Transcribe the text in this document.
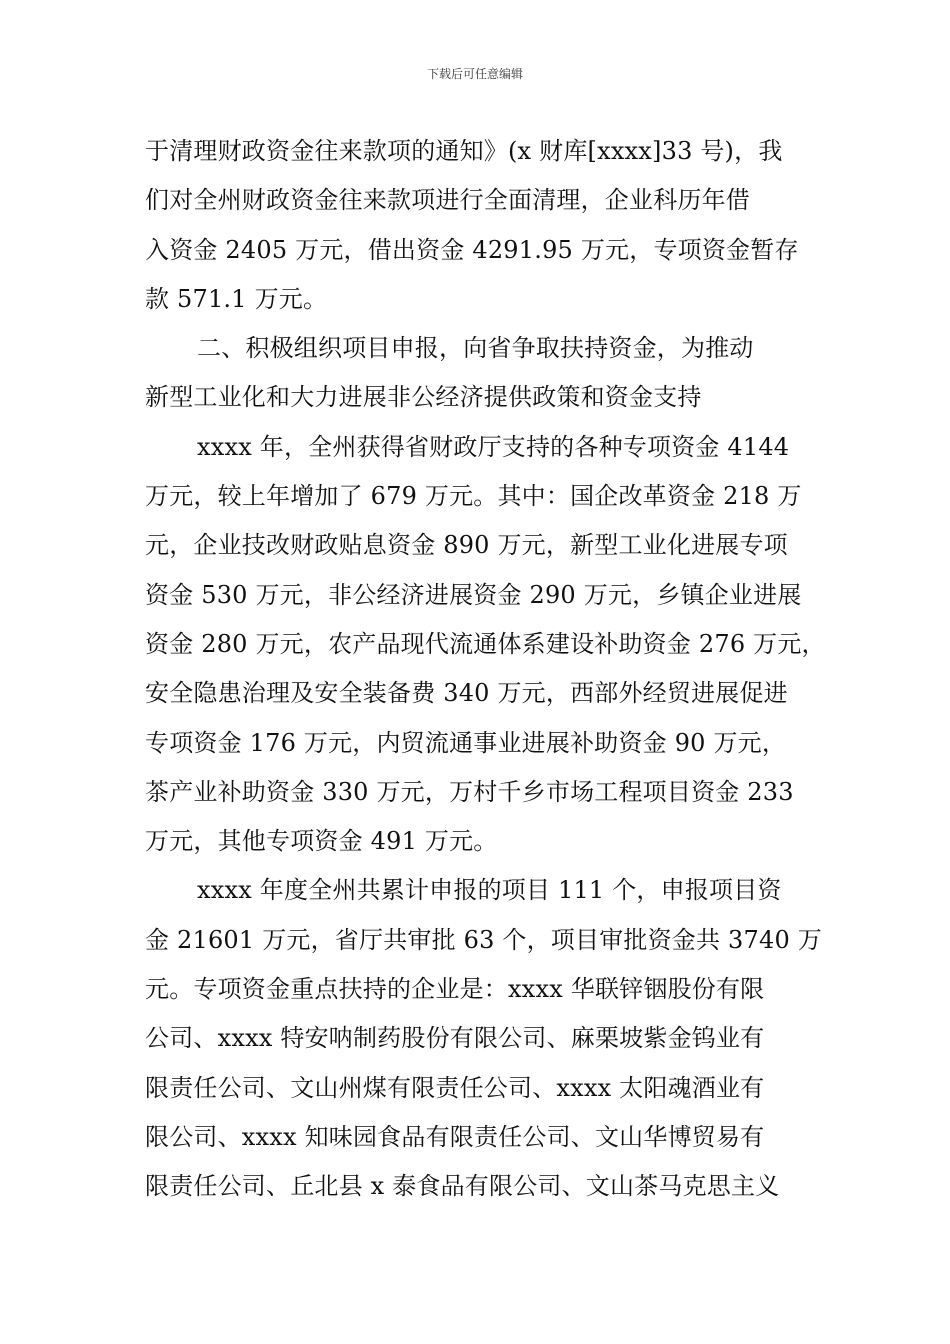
下载后可任意编辑
于清理财政资金往来款项的通知》(x 财库[xxxx]33 号)，我
们对全州财政资金往来款项进行全面清理，企业科历年借
入资金 2405 万元，借出资金 4291.95 万元，专项资金暂存
款 571.1 万元。
二、积极组织项目申报，向省争取扶持资金，为推动
新型工业化和大力进展非公经济提供政策和资金支持
xxxx 年，全州获得省财政厅支持的各种专项资金 4144
万元，较上年增加了 679 万元。其中：国企改革资金 218 万
元，企业技改财政贴息资金 890 万元，新型工业化进展专项
资金 530 万元，非公经济进展资金 290 万元，乡镇企业进展
资金 280 万元，农产品现代流通体系建设补助资金 276 万元，
安全隐患治理及安全装备费 340 万元，西部外经贸进展促进
专项资金 176 万元，内贸流通事业进展补助资金 90 万元，
茶产业补助资金 330 万元，万村千乡市场工程项目资金 233
万元，其他专项资金 491 万元。
xxxx 年度全州共累计申报的项目 111 个，申报项目资
金 21601 万元，省厅共审批 63 个，项目审批资金共 3740 万
元。专项资金重点扶持的企业是：xxxx 华联锌铟股份有限
公司、xxxx 特安呐制药股份有限公司、麻栗坡紫金钨业有
限责任公司、文山州煤有限责任公司、xxxx 太阳魂酒业有
限公司、xxxx 知味园食品有限责任公司、文山华博贸易有
限责任公司、丘北县 x 泰食品有限公司、文山茶马克思主义
